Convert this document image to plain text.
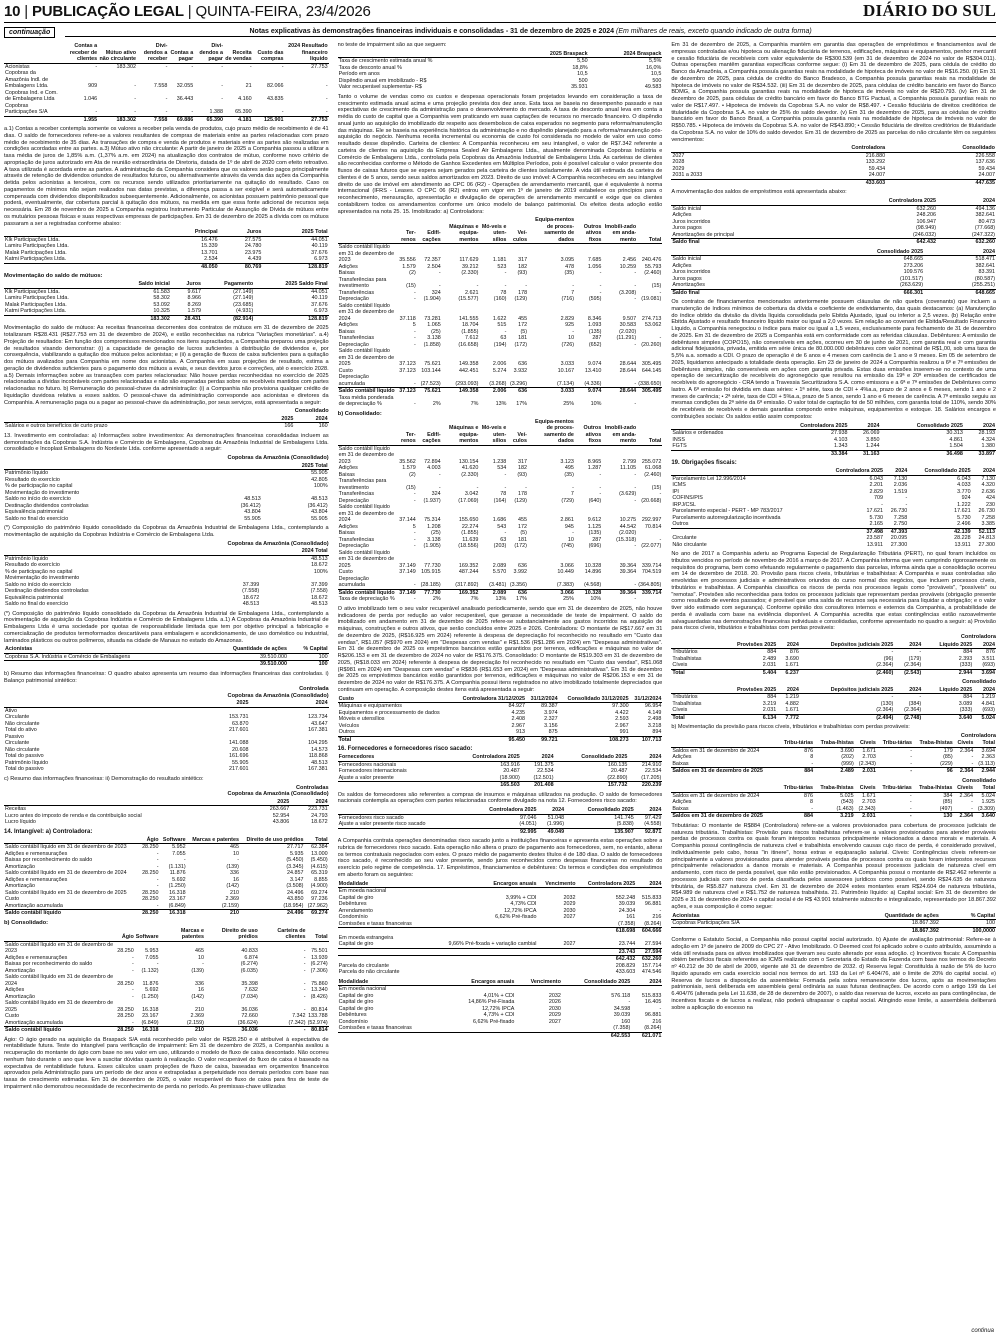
10 | PUBLICAÇÃO LEGAL | QUINTA-FEIRA, 23/4/2026	DIÁRIO DO SUL
continuação	Notas explicativas às demonstrações financeiras individuais e consolidadas - 31 de dezembro de 2025 e 2024 (Em milhares de reais, exceto quando indicado de outra forma)
	Contas a receber de clientes	Mútuo ativo não circulante	Divi-dendos a receber	Contas a pagar	Divi-dendos a pagar	Receita de vendas	Custo das compras	2024 Resultado financeiro líquido
Acionistas	-	183.302	-	-	-	-	-	27.753
Copobras da Amazônia Indl. de Embalagens Ltda.	909	-	7.558	32.055	-	21	82.066	-
Copobras Ind. e Com. de Embalagens Ltda	1.046	-	-	36.443	-	4.160	43.835	-
Copobras Participações S/A	-	-	-	-	1.388	65.390	-	-
	1.955	183.302	7.558	69.886	65.390	4.181	125.901	27.753

a.1) Contas a receber contempla somente os valores a receber pela venda de produtos, cujo prazo médio de recebimento é de 41 dias. O saldo de fornecedores refere-se a valores resultantes de compras de materiais entre as partes relacionadas com prazo médio de recebimento de 35 dias. As transações de compra e venda de produtos e materiais entre as partes são realizadas em condições acordadas entre as partes. a.3) Mútuo ativo não circulante: A partir de janeiro de 2025 a Companhia passou a utilizar a taxa média de juros de 1,85% a.m. (1,37% a.m. em 2024) na atualização dos contratos de mútuo, conforme novo critério de apropriação de juros autorizado em Ata de reunião extraordinária de Diretoria, datada de 1º de abril de 2020 com efeito retroativo. A taxa utilizada é acordada entre as partes. A administração da Companhia considera que os valores serão pagos principalmente através de retenção de dividendos oriundos de resultados futuros, ou alternativamente através da venda das ações da Companhia detida pelos acionistas a terceiros, com os recursos sendo utilizados prioritariamente na quitação do resultado. Caso os pagamentos de mínimos não sejam realizados nas datas previstas, a diferença passa a ser exigível e será automaticamente compensada com dividendos disponibilizados subsequentemente. Adicionalmente, os acionistas possuem patrimônio pessoal que poderá, eventualmente, dar cobertura parcial à quitação dos mútuos, na medida em que essa fonte adicional de recursos seja necessária. Em 28 de novembro de 2025 a Companhia registrou Instrumento Particular de Assunção de Dívida de mútuos entre os mutuários pessoas físicas e suas respectivas empresas de participações. Em 31 de dezembro de 2025 a dívida com os mútuos passaram a ser a registradas conforme abaixo:

	Principal	Juros	2025 Total
Klk Participações Ltda.	16.476	27.575	44.051
Lamiru Participações Ltda.	15.339	24.780	40.119
Malak Participações Ltda.	13.701	23.975	37.676
Katmi Participações Ltda.	2.534	4.439	6.973
	48.050	80.769	128.819
Movimentação do saldo de mútuos:
	Saldo inicial	Juros	Pagamento	2025 Saldo Final
Klk Participações Ltda.	61.583	9.617	(27.149)	44.051
Lamiru Participações Ltda.	58.302	8.966	(27.149)	40.119
Malak Participações Ltda.	53.092	8.269	(23.685)	37.676
Katmi Participações Ltda.	10.325	1.579	(4.931)	6.973
	183.302	28.431	(82.914)	128.819

Movimentação do saldo de mútuos: As receitas financeiras decorrentes dos contratos de mútuos em 31 de dezembro de 2025 totalizaram R$28.431 (R$27.753 em 31 de dezembro de 2024), e estão reconhecidas na rubrica "Variações monetárias". a.4) Projeção de resultados: Em função dos compromissos mencionados nos itens supracitados, a Companhia preparou uma projeção de resultados visando demonstrar: (i) a capacidade de geração de lucros suficientes à distribuição de dividendos e, por consequência, viabilizando a quitação dos mútuos pelos acionistas; e (ii) a geração de fluxos de caixa suficientes para a quitação dos mútuos avalizados para Companhia em nome dos acionistas. A Companhia em suas projeções de resultado, estima a geração de dividendos suficientes para o pagamento dos mútuos a evais, e seus devidos juros e correções, até o exercício 2028. a.5) Demais informações sobre as transações com partes relacionadas: Não houve perdas reconhecidas no exercício de 2025 relacionadas a dívidas incobráveis com partes relacionadas e não são esperadas perdas sobre os recebíveis mantidos com partes relacionadas no futuro. b) Remuneração do pessoal-chave da administração: (i) a Companhia não provisiona qualquer crédito de liquidação duvidosa relativa a esses saldos. O pessoal-chave da administração corresponde aos acionistas e diretores da Companhia. A remuneração paga ou a pagar ao pessoal-chave da administração, por seus serviços, está apresentada a seguir:

Consolidado
	2025	2024
Salários e outros benefícios de curto prazo	166	160

13. Investimento em controladas: a) Informações sobre investimentos: As demonstrações financeiras consolidadas incluem as demonstrações da Copobras S.A. Indústria e Comércio de Embalagens, Copobras da Amazônia Industrial de Embalagens Ltda. consolidado e Incoplast Embalagens do Nordeste Ltda. conforme apresentado a seguir:

Copobras da Amazônia (Consolidado)
		2025 Total
Patrimônio líquido		55.905
Resultado do exercício		42.805
% de participação no capital		100%
Movimentação do investimento		
Saldo no início do exercício	48.513	48.513
Destinação dividendos controladas	(36.412)	(36.412)
Equivalência patrimonial	43.804	43.804
Saldo no final do exercício	55.905	55.905

(*) Composição do patrimônio líquido consolidado da Copobras da Amazônia Industrial de Embalagens Ltda., contemplando a movimentação de aquisição da Copobras Indústria e Comércio de Embalagens Ltda.

Copobras da Amazônia (Consolidado)
		2024 Total
Patrimônio líquido		48.513
Resultado do exercício		18.672
% de participação no capital		100%
Movimentação do investimento		
Saldo no início do exercício	37.399	37.399
Destinação dividendos controladas	(7.558)	(7.558)
Equivalência patrimonial	18.672	18.672
Saldo no final do exercício	48.513	48.513

(*) Composição do patrimônio líquido consolidado da Copobras da Amazônia Industrial de Embalagens Ltda., contemplando a movimentação de aquisição da Copobras Indústria e Comércio de Embalagens Ltda. a.1) A Copobras da Amazônia Industrial de Embalagens Ltda é uma sociedade por quotas de responsabilidade limitada que tem por objetivo principal a fabricação e comercialização de produtos termoformados descartáveis para embalagem e acondicionamento, de uso doméstico ou industrial, laminados plásticos ou outros polímeros, situada na cidade de Manaus no estado do Amazonas.

Acionistas	Quantidade de ações	% Capital
Copobras S.A. Indústria e Comércio de Embalagens	39.510.000	100
	39.510.000	100

b) Resumo das informações financeiras: O quadro abaixo apresenta um resumo das informações financeiras das controladas. i) Balanço patrimonial sintético:

Controlada
Copobras da Amazônia (Consolidado)
	2025	2024
Ativo		
Circulante	153.731	123.734
Não circulante	63.870	43.647
Total do ativo	217.601	167.381
Passivo		
Circulante	141.088	104.295
Não circulante	20.608	14.573
Total do passivo	161.696	118.868
Patrimônio líquido	55.905	48.513
Total do passivo	217.601	167.381

c) Resumo das informações financeiras: ii) Demonstração do resultado sintético:

Controladas
Copobras da Amazônia (Consolidado)
	2025	2024
Receitas	263.667	223.731
Lucro antes do imposto de renda e da contribuição social	52.954	24.793
Lucro líquido	43.806	18.672
14. Intangível: a) Controladora:
	Ágio	Software	Marcas e patentes	Direito de uso prédios	Total
Saldo contábil líquido em 31 de dezembro de 2023	28.250	5.952	465	27.717	62.384
Adições e remensurações	-	7.055	10	5.935	13.000
Baixas por reconhecimento do saldo	-	-	-	(5.450)	(5.450)
Amortização	-	(1.131)	(139)	(3.345)	(4.615)
Saldo contábil líquido em 31 de dezembro de 2024	28.250	11.876	336	24.857	65.319
Adições e remensurações	-	5.692	16	3.147	8.855
Amortização	-	(1.250)	(142)	(3.508)	(4.900)
Saldo contábil líquido em 31 de dezembro de 2025	28.250	16.318	210	24.496	69.274
Custo	28.250	23.167	2.369	43.850	97.236
Amortização acumulada	-	(6.849)	(2.159)	(18.954)	(27.962)
Saldo contábil líquido	28.250	16.318	210	24.496	69.274
b) Consolidado:
	Ágio	Software	Marcas e patentes	Direito de uso prédios	Carteira de clientes	Total
Saldo contábil líquido em 31 de dezembro de 2023	28.250	5.953	465	40.833	-	75.501
Adições e remensurações	-	7.055	10	6.874	-	13.939
Baixas por reconhecimento do saldo	-	-	-	(6.274)	-	(6.274)
Amortização	-	(1.132)	(139)	(6.035)	-	(7.306)
Saldo contábil líquido em 31 de dezembro de 2024	28.250	11.876	336	35.398	-	75.860
Adições	-	5.692	16	7.632	-	13.340
Amortização	-	(1.250)	(142)	(7.034)	-	(8.426)
Saldo contábil líquido em 31 de dezembro de 2025	28.250	16.318	210	36.036	-	80.814
Custo	28.250	23.167	2.369	72.660	7.342	133.788
Amortização acumulada	-	(6.849)	(2.159)	(36.624)	(7.342)	(52.974)
Saldo contábil líquido	28.250	16.318	210	36.036	-	80.814

Ágio: O ágio gerado na aquisição da Braspack S/A está reconhecido pelo valor de R$28.250 e é atribuível à expectativa de rentabilidade futura. Teste do intangível para verificação de impairment: Em 31 de dezembro de 2025, a Companhia avaliou a recuperação do montante do ágio com base no seu valor em uso, utilizando o modelo de fluxo de caixa descontado. Não ocorreu nenhum fato durante o ano que leve a suscitar dúvidas quanto à realização. O valor recuperável do fluxo de caixa é baseado na expectativa de rentabilidade futura. Esses cálculos usam projeções de fluxo de caixa, baseadas em orçamentos financeiros aprovados pela Administração para um período de dez anos e extrapoladas a perpetuidade nos demais períodos com base nas taxas de crescimento estimadas. Em 31 de dezembro de 2025, o valor recuperável do fluxo de caixa para fins de teste de impairment não demonstrou necessidade de reconhecimento de perda no período. As premissas-chave utilizadas

no teste de impairment são as que seguem:

	2025 Braspack	2024 Braspack
Taxa de crescimento estimada anual %	5,50	5,5%
Taxa de desconto anual %	18,8%	16,0%
Período em anos	10,5	10,5
Dispêndio anual em imobilizado - R$	500	500
Valor recuperável suplementar- R$	35.931	49.583

Tanto o volume de vendas como os custos e despesas operacionais foram projetados levando em consideração a taxa de crescimento estimada anual acima e uma projeção prevista dos dez anos. Esta taxa se baseia no desempenho passado e nas expectativas de crescimento da administração para o desenvolvimento do mercado. A taxa de desconto anual leva em conta a média do custo de capital que a Companhia vem praticando em suas captações de recursos no mercado financeiro. O dispêndio anual junto ao aquisição do imobilizado diz respeito aos desembolsos de caixa esperados no segmento para reforma/manutenção das máquinas. Ele se baseia na experiência histórica da administração e no dispêndio planejado para a reforma/manutenção pós-aquisição do negócio. Nenhuma receita incremental ou economia de custo foi considerada no modelo de valor em uso como resultado desse dispêndio. Carteira de clientes: A Companhia reconheceu em seu intangível, o valor de R$7.342 referente a carteira de clientes na aquisição da Empresa Sealed Air Embalagens Ltda., atualmente denominada Copobras Indústria e Comércio de Embalagens Ltda., controlada pela Copobras da Amazônia Industrial de Embalagens Ltda. As carteiras de clientes são reconhecidas conforme o Método de Ganhos Excedentes em Múltiplos Períodos, pois é possível calcular o valor presente dos fluxos de caixas futuros que se espera sejam gerados pela carteira de clientes isoladamente. A vida útil estimada da carteira de clientes é de 5 anos, sendo seus saldos amortizados em 2023. Direito de uso imóvel: A Companhia reconheceu em seu intangível direito de uso de imóvel em atendimento ao CPC 06 (R2) - Operações de arrendamento mercantil, que é equivalente à norma internacional (IFRS - Leases. O CPC 06 (R2) entrou em vigor em 1º de janeiro de 2019 estabelece os princípios para o reconhecimento, mensuração, apresentação e divulgação de operações de arrendamento mercantil e exige que os clientes contabilizem todos os arrendamentos conforme um único modelo de balanço patrimonial. Os efeitos desta adoção estão apresentados na nota 25. 15. Imobilizado: a) Controladora:

	Ter-renos	Edifí-cações	Máquinas e equipa-mentos	Mó-veis e uten-sílios	Veí-culos	Equipa-mentos de proces-samento de dados	Outros ativos fixos	Imobili-zado em anda-mento	Total
Saldo contábil líquido em 31 de dezembro de 2023	35.556	72.357	117.629	1.181	317	3.095	7.685	2.456	240.476
Adições	1.579	2.504	39.212	523	182	478	1.056	10.259	55.793
Baixas	(2)	-	(2.330)	-	(93)	(35)	-	-	(2.460)
Transferências para investimento	(15)	-	-	-	-	-	-	-	(15)
Transferências	-	324	2.621	78	178	7	-	(3.208)	-
Depreciação	-	(1.904)	(15.577)	(160)	(129)	(716)	(595)	-	(19.081)
Saldo contábil líquido em 31 de dezembro de 2024	37.118	73.281	141.555	1.622	455	2.829	8.346	9.507	274.713
Adições	5	1.065	18.704	515	172	925	1.093	30.583	53.062
Baixas	-	(25)	(1.855)	-	(5)	-	(135)	(2.020)	
Transferências	-	3.138	7.612	63	181	10	287	(11.291)	-
Depreciação	-	(1.858)	(16.658)	(194)	(172)	(726)	(652)	-	(20.260)
Saldo contábil líquido em 31 de dezembro de 2025	37.123	75.621	149.358	2.006	636	3.033	9.074	28.644	305.495
Custo	37.123	103.144	442.451	5.274	3.932	10.167	13.410	28.644	644.145
Depreciação acumulada	-	(27.523)	(293.093)	(3.268)	(3.296)	(7.134)	(4.336)	-	(338.650)
Saldo contábil líquido	37.123	75.621	149.358	2.006	636	3.033	9.074	28.644	305.495
Taxa média ponderada de depreciação %	-	2%	7%	13%	17%	25%	10%	-	
b) Consolidado:
	Ter-renos	Edifí-cações	Máquinas e equipa-mentos	Mó-veis e uten-sílios	Veí-culos	Equipa-mentos de proces-samento de dados	Outros ativos fixos	Imobili-zado em anda-mento	Total
Saldo contábil líquido em 31 de dezembro de 2023	35.562	72.894	130.154	1.238	317	3.123	8.965	2.799	255.072
Adições	1.579	4.003	41.620	534	182	495	1.287	11.105	61.068
Baixas	(2)	-	(2.330)	-	(93)	(35)	-	-	(2.460)
Transferências para investimento	(15)	-	-	-	-	-	-	-	(15)
Transferências	-	324	3.042	78	178	7	-	(3.629)	-
Depreciação	-	(1.937)	(17.069)	(164)	(129)	(729)	(640)	-	(20.668)
Saldo contábil líquido em 31 de dezembro de 2024	37.144	75.314	155.650	1.686	455	2.861	9.612	10.275	292.997
Adições	5	1.208	22.274	543	172	945	1.125	44.542	70.814
Baixas	-	(25)	(1.855)	-	(5)	-	(135)	(2.020)	
Transferências	-	3.138	11.639	63	181	10	287	(15.318)	-
Depreciação	-	(1.905)	(18.556)	(203)	(172)	(745)	(696)	-	(22.077)
Saldo contábil líquido em 31 de dezembro de 2025	37.149	77.730	169.352	2.089	636	3.066	10.328	39.364	339.714
Custo	37.149	105.915	487.244	5.570	3.992	10.449	14.896	39.364	704.519
Depreciação acumulada	-	(28.185)	(317.892)	(3.481)	(3.356)	(7.383)	(4.568)	-	(364.805)
Saldo contábil líquido	37.149	77.730	169.352	2.089	636	3.066	10.328	39.364	339.714
Taxa de depreciação %	-	2%	7%	13%	17%	25%	10%	-	

O ativo imobilizado tem o seu valor recuperável analisado periodicamente, sendo que em 31 de dezembro de 2025, não houve indicadores de perda por redução ao valor recuperável, que gerasse a necessidade de teste de impairment. O saldo do imobilizado em andamento em 31 de dezembro de 2025 refere-se substancialmente aos gastos incorridos na aquisição de máquinas, construções e outros ativos, que serão concluídos entre 2025 e 2026. Controladora: O montante de R$17.667 em 31 de dezembro de 2025, (R$16.925 em 2024) referente à despesa de depreciação foi reconhecido no resultado em "Custo das vendas", R$1.057 (R$970 em 2024) em "Despesas com vendas" e R$1.536 (R$1.286 em 2024) em "Despesas administrativas". Em 31 de dezembro de 2025 os empréstimos bancários estão garantidos por terrenos, edificações e máquinas no valor de R$206.153 e em 31 de dezembro de 2024 no valor de R$176.375. Consolidado: O montante de R$19.303 em 31 de dezembro de 2025, (R$18.033 em 2024) referente à despesa de depreciação foi reconhecido no resultado em "Custo das vendas", R$1.068 (R$981 em 2024) em "Despesas com vendas" e R$836 (R$1.653 em 2024) em "Despesas administrativas". Em 31 de dezembro de 2025 os empréstimos bancários estão garantidos por terrenos, edificações e máquinas no valor de R$206.153 e em 31 de dezembro de 2024 no valor de R$176.375. A Companhia possui itens registrados no ativo imobilizado totalmente depreciados que continuam em operação. A composição destes itens está apresentada a seguir:

Custo	Controladora 31/12/2025	31/12/2024	Consolidado 31/12/2025	31/12/2024
Máquinas e equipamentos	84.927	89.387	97.300	96.954
Equipamentos e processamento de dados	4.235	3.974	4.422	4.149
Móveis e utensílios	2.408	2.327	2.593	2.498
Veículos	2.967	3.156	2.967	3.218
Outros	913	875	991	894
Total	95.450	99.721	108.273	107.713
16. Fornecedores e fornecedores risco sacado:
Fornecedores	Controladora 2025	2024	Consolidado 2025	2024
Fornecedores nacionais	163.916	191.375	160.135	214.910
Fornecedores internacionais	20.487	22.534	20.487	22.534
Ajuste a valor presente	(18.900)	(12.501)	(22.890)	(17.205)
	165.503	201.408	157.732	220.239

Os saldos de fornecedores são referentes a compras de insumos e máquinas utilizados na produção. O saldo de fornecedores nacionais contempla as operações com partes relacionadas conforme divulgado na nota 12. Fornecedores risco sacado:

	Controladora 2025	2024	Consolidado 2025	2024
Fornecedores risco sacado	97.046	51.048	141.745	97.429
Ajuste a valor presente risco sacado	(4.051)	(1.996)	(5.838)	(4.558)
	92.995	49.049	135.907	92.871

A Companhia contrata operações denominadas risco sacado junto a instituições financeiras e apresenta estas operações sobre a rubrica de fornecedores risco sacado. Esta operação não altera o prazo de pagamento aos fornecedores, sem, no entanto, alterar os termos contratuais negociados com estes. O prazo médio de pagamento destes títulos é de 180 dias. O saldo de fornecedores risco sacado, é reconhecido ao seu valor presente, sendo juros reconhecidos como despesas financeiras no resultado do exercício pelo regime de competência. 17. Empréstimos, financiamentos e debêntures: Os termos e condições dos empréstimos em aberto foram os seguintes:

Modalidade	Encargos anuais	Vencimento	Controladora 2025	2024
Em moeda nacional				
Capital de giro	3,99% + CDI	2032	552.248	515.833
Debêntures	4,73% CDI	2029	39.039	96.881
Arrendamento	12,72% IPCA	2030	24.304	-
Condomínio	6,62% Pré-fixado	2027	161	216
Comissões e taxas financeiras			(7.358)	(8.264)
			618.698	604.666
Em moeda estrangeira				
Capital de giro	9,66% Pré-fixada + variação cambial	2027	23.744	27.594
			23.743	27.594
			642.432	632.260
Parcela do circulante			208.829	157.714
Parcela do não circulante			433.603	474.546
Modalidade	Encargos anuais	Vencimento	Consolidado 2025	2024
Em moeda nacional				
Capital de giro	4,01% + CDI	2032	576.118	515.833
Capital de giro	14,86% Pré-Fixada	2026	-	16.405
Capital de giro	12,72% IPCA	2030	34.598	-
Debêntures	4,73% + CDI	2029	39.039	96.881
Condomínio	6,62% Pré-fixado	2027	160	216
Comissões e taxas financeiras			(7.358)	(8.264)
			642.553	621.071

Em 31 de dezembro de 2025, a Companhia mantém em garantia das operações de empréstimos e financiamentos aval de empresas controladas e/ou hipoteca ou alienação fiduciária de terrenos, edificações, máquinas e equipamentos, penhor mercantil e cessão fiduciária de recebíveis com valor equivalente de R$300.539 (em 31 de dezembro de 2024 no valor de R$304.011). Outras operações mantêm garantias específicas conforme segue: (i) Em 31 de dezembro de 2025, para cédula de crédito do Banco da Amazônia, a Companhia possuía garantias reais na modalidade de hipoteca de imóveis no valor de R$16.250. (ii) Em 31 de dezembro de 2025, para cédula de crédito do Banco Bradesco, a Companhia possuía garantias reais na modalidade de hipoteca de imóveis no valor de R$34.532. (iii) Em 31 de dezembro de 2025, para cédulas de crédito bancário em favor do Banco BDMG, a Companhia possuía garantias reais na modalidade de hipoteca de imóveis no valor de R$20.793. (iv) Em 31 de dezembro de 2025, para cédulas de crédito bancário em favor do Banco BTG Pactual, a Companhia possuía garantias reais no valor de R$17.497. • Hipoteca de imóveis da Copobras S.A. no valor de R$8.497. • Cessão fiduciária de direitos creditórios de titularidade da Copobras S.A. no valor de 25% do saldo devedor. (v) Em 31 de dezembro de 2025, para as cédulas de crédito bancário em favor do Banco Brasil, a Companhia possuía garantia reais na modalidade de hipoteca de imóveis no valor de R$50.785. • Hipoteca de imóveis da Copobras S.A. no valor de R$43.890; • Cessão fiduciária de direitos creditórios de titularidade da Copobras S.A. no valor de 10% do saldo devedor. Em 31 de dezembro de 2025 as parcelas do não circulante têm os seguintes vencimentos:

	Controladora	Consolidado
2027	216.880	226.558
2028	133.292	137.636
2029	59.434	59.434
2031 a 2033	24.007	24.007
	433.603	447.635

A movimentação dos saldos de empréstimos está apresentada abaixo:

	Controladora 2025	2024
Saldo inicial	632.260	494.136
Adições	248.206	382.641
Juros incorridos	106.947	80.473
Juros pagos	(98.949)	(77.668)
Amortizações de principal	(246.032)	(247.322)
Saldo final	642.432	632.260
	Consolidado 2025	2024
Saldo inicial	648.665	518.471
Adições	273.206	382.641
Juros incorridos	109.576	83.391
Juros pagos	(101.517)	(80.587)
Amortizações	(263.629)	(255.251)
Saldo final	666.301	648.665

Os contratos de financiamentos mencionados anteriormente possuem cláusulas de não quebra (covenants) que incluem a manutenção de índices mínimos de cobertura da dívida e coeficiente de endividamento, das quais destacamos: (a) Manutenção do índice obtido da divisão da dívida líquida consolidada pelo Ebitda Ajustado, igual ou inferior a 2,5 vezes. (b) Relação entre Ebitda Ajustado e resultado financeiro líquido maior ou igual a 2,0 vezes. Em relação ao covenant de Ebitda/Resultado Financeiro Líquido, a Companhia renegociou o índice para maior ou igual a 1,5 vezes, exclusivamente para fechamento de 31 de dezembro de 2025. Em 31 de dezembro de 2025 a Companhia está em conformidade com as referidas cláusulas. Debêntures: A emissão de debêntures simples (COPO15), não conversíveis em ações, ocorreu em 30 de junho de 2021, com garantia real e com garantia adicional fidejussória, privada, emitida em série única de 80.000.000 debêntures com valor nominal de R$1,00, sob uma taxa de 5,5% a.a. somado a CDI. O prazo de operação é de 6 anos e 4 meses com carência de 1 ano e 9 meses. Em 05 de setembro de 2025, liquidamos antecipado a totalidade desta operação. Em 23 de janeiro de 2024 a Companhia realizou a 6ª e 7ª emissões de Debêntures simples, não conversíveis em ações com garantia privada. Estas duas emissões inserem-se no contexto de uma operação de securitização de recebíveis do agronegócio que resultou na emissão da 19ª e 20ª emissões de certificados de recebíveis do agronegócio - CRA tendo a Travessia Securitizadora S.A. como emissora e a 6ª e 7ª emissões de Debêntures como lastro. A 6ª emissão foi dividida em duas séries: • 1ª série, taxa de CDI + 4%a.a, prazo de 2 anos e 6 meses, sendo 1 ano e 2 meses de carência; • 2ª série, taxa de CDI + 5%a.a, prazo de 5 anos, sendo 1 ano e 6 meses de carência. A 7ª emissão seguiu as mesmas condições da 2ª série da 6ª emissão. O valor total de captação foi de 50 milhões, com garantia total de 110%, sendo 30% de recebíveis de recebíveis e demais garantias compondo entre máquinas, equipamentos e estoque. 18. Salários encargos e contribuições sociais: Os saldos estão assim compostos:

	Controladora 2025	2024	Consolidado 2025	2024
Salários e ordenados	27.938	26.069	30.313	28.193
INSS	4.103	3.850	4.861	4.324
FGTS	1.343	1.244	1.504	1.380
	33.384	31.163	36.498	33.897
19. Obrigações fiscais:
	Controladora 2025	2024	Consolidado 2025	2024
Parcelamento Lei 12.996/2014	6.043	7.130	6.043	7.130
ICMS	2.201	2.036	4.033	4.320
IPI	2.829	1.519	3.770	2.636
COFINS/PIS	709	-	924	424
IRPJ/CSL	-	-	1.222	230
Parcelamento especial - PERT - MP 783/2017	17.621	26.730	17.621	26.730
Parcelamento autorregularização incentivada	5.730	7.258	5.730	7.258
Outros	2.165	2.750	2.496	3.385
	37.498	47.393	42.139	52.113
Circulante	23.587	20.095	28.228	24.813
Não circulante	13.911	27.300	13.911	27.300

No ano de 2017 a Companhia aderiu ao Programa Especial de Regularização Tributária (PERT), no qual foram incluídos os tributos vencidos no período de novembro de 2016 a março de 2017. A Companhia informa que vem cumprindo rigorosamente os requisitos do programa, bem como efetuando regularmente o pagamento das parcelas, informa ainda que a consolidação ocorreu em 14 de dezembro de 2018. 20. Provisão para riscos cíveis, tributárias e trabalhistas: A Companhia e suas controladas são envolvidas em processos judiciais e administrativos oriundos do curso normal dos negócios, que incluem processos cíveis, tributários e trabalhistas. A Companhia classifica os riscos de perda nos processos legais como "prováveis", "possíveis" ou "remotas". Provisões são reconhecidas para todos os processos judiciais que representam perdas prováveis (obrigação presente como resultado de eventos passados; é provável que uma saída de recursos seja necessária para liquidar a obrigação; e o valor tiver sido estimado com segurança). Conforme opinião dos consultores internos e externos da Companhia, a probabilidade de perda é avaliada com base na evidência disponível. A Companhia acredita que estas contingências estão razoavelmente salvaguardadas nas demonstrações financeiras individuais e consolidadas, conforme apresentado no quadro a seguir: a) Provisão para riscos cíveis, tributários e trabalhistas com perdas prováveis:

Controladora
	Provisões 2025	2024	Depósitos judiciais 2025	2024	Líquido 2025	2024
Tributários	884	876	-	-	884	876
Trabalhistas	2.489	3.690	(96)	(179)	2.393	3.511
Cíveis	2.031	1.671	(2.364)	(2.364)	(333)	(693)
Total	5.404	6.237	(2.460)	(2.543)	2.944	3.694
Consolidado
	Provisões 2025	2024	Depósitos judiciais 2025	2024	Líquido 2025	2024
Tributários	884	1.219	-	-	884	1.219
Trabalhistas	3.219	4.882	(130)	(384)	3.089	4.841
Cíveis	2.031	1.671	(2.364)	(2.364)	(333)	(693)
Total	6.134	7.772	(2.494)	(2.748)	3.640	5.024

b) Movimentação da provisão para riscos cíveis, tributários e trabalhistas com perdas prováveis:

Controladora
	Tribu-tárias	Traba-lhistas	Cíveis	Tribu-tárias	Traba-lhistas	Cíveis	Total
Saldos em 31 de dezembro de 2024	876	3.690	1.671	-	179	2.364	3.694
Adições	8	(202)	2.703	-	(85)	-	2.363
Baixas	-	(999)	(2.343)	-	(229)	-	(3.113)
Saldos em 31 de dezembro de 2025	884	2.489	2.031	-	96	2.364	2.944
Consolidado
	Tribu-tárias	Traba-lhistas	Cíveis	Tribu-tárias	Traba-lhistas	Cíveis	Total
Saldos em 31 de dezembro de 2024	876	5.025	1.671	-	384	2.364	5.024
Adições	8	(543)	2.703	-	(85)	-	1.925
Baixas	-	(1.463)	(2.343)	-	(497)	-	(3.309)
Saldos em 31 de dezembro de 2025	884	3.219	2.031	-	130	2.364	3.640

Tributárias: O montante de R$884 (Controladora) refere-se a valores provisionados para cobertura de processos judiciais de natureza tributária. Trabalhistas: Provisão para riscos trabalhistas referem-se a valores provisionados para atender prováveis perdas de processos contra os quais foram interpostos recursos principalmente relacionados a danos morais e materiais. A Companhia possui contingência de natureza cível e trabalhista envolvendo causas cujo risco de perda, é considerado provável, individualmente pelo cabo, horas "in itinere", horas extras e equiparação salarial. Cíveis: Contingências cíveis referem-se principalmente a valores provisionados para atender prováveis perdas de processos contra os quais foram interpostos recursos principalmente relacionados a danos morais e materiais. A Companhia possui processos judiciais de natureza cível em andamento, com risco de perda possível, que não estão provisionados. A Companhia possui o montante de R$2.462 referente a processos judiciais com risco de perda classificada pelos assessores jurídicos como possível, sendo R$24.635 de natureza tributária, de R$5.827 natureza cível. Em 31 de dezembro de 2024 estes montantes eram R$24.604 de natureza tributária, R$4.989 de natureza cível e R$1.752 de natureza trabalhista. 21. Patrimônio líquido: a) Capital social: Em 31 de dezembro de 2025 e 31 de dezembro de 2024 o capital social é de R$ 43.901 totalmente subscrito e integralizado, representado por 18.867.392 ações, e sua composição é como segue:

Acionistas	Quantidade de ações	% Capital
Copobras Participações S/A	18.867.392	100
	18.867.392	100,0000

Conforme o Estatuto Social, a Companhia não possui capital social autorizado. b) Ajuste de avaliação patrimonial: Refere-se à adoção em 1º de janeiro de 2009 do CPC 27 - Ativo Imobilizado. O Deemed cost foi aplicado sobre o custo atribuído, assumindo a vida útil revisada para os ativos imobilizados que tiveram seu custo alterado por essa adoção. c) Incentivos fiscais: A Companhia obtém benefícios fiscais referentes ao ICMS realizado com o Secretaria do Estado da Fazenda com base nos termos do Decreto nº 40.212 de 30 de abril de 2009, vigente até 31 de dezembro de 2032. d) Reserva legal: Constituída à razão de 5% do lucro líquido apurado em cada exercício social nos termos do art. 193 da Lei nº 6.404/76, até o limite de 20% do capital social. e) Reserva de lucros a disposição da assembleia: Formada pela sobra remanescente dos lucros, após as movimentações patrimoniais, será deliberada em assembleia geral ordinária as suas futuras destinações. De acordo com o artigo 199 da Lei 6.404/76 (alterada pela Lei 11.638, de 28 de dezembro de 2007), o saldo das reservas de lucros, exceto as para contingências, de incentivos fiscais e de lucros a realizar, não poderá ultrapassar o capital social. Atingindo esse limite, a assembleia deliberará sobre a aplicação do excesso na

continua
